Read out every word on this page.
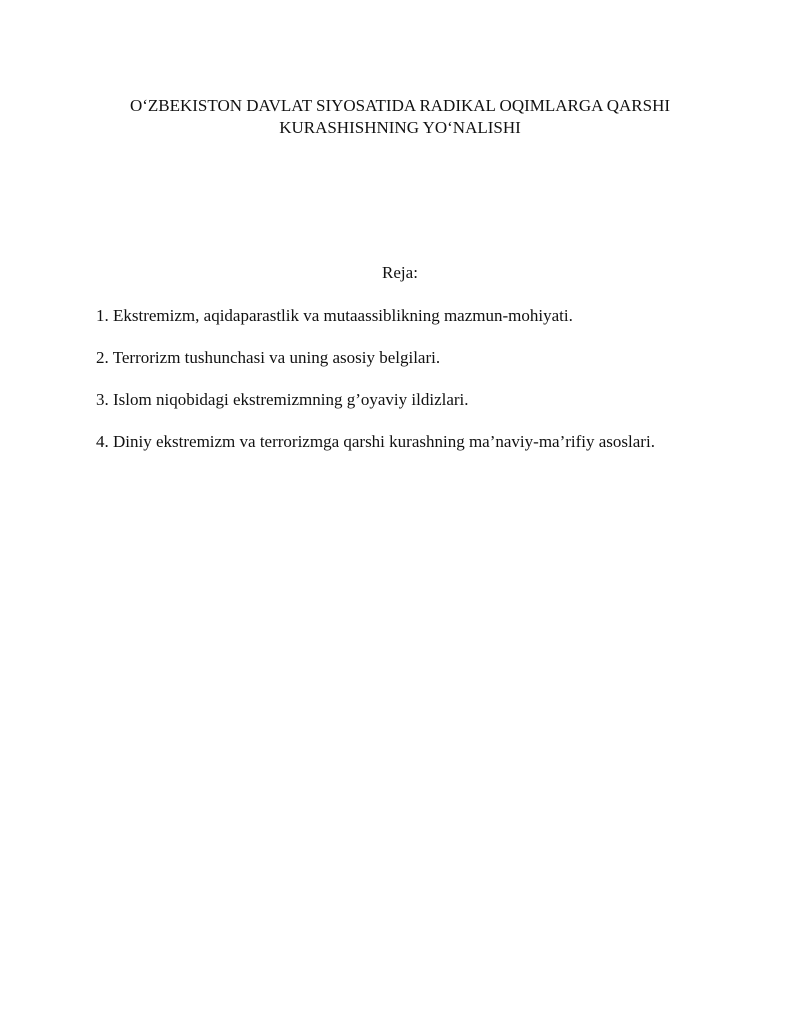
O‘ZBEKISTON DAVLAT SIYOSATIDA RADIKAL OQIMLARGA QARSHI
KURASHISHNING YO‘NALISHI
Reja:
1. Ekstremizm, aqidaparastlik va mutaassiblikning mazmun-mohiyati.
2. Terrorizm tushunchasi va uning asosiy belgilari.
3. Islom niqobidagi ekstremizmning g’oyaviy ildizlari.
4. Diniy ekstremizm va terrorizmga qarshi kurashning ma’naviy-ma’rifiy asoslari.
